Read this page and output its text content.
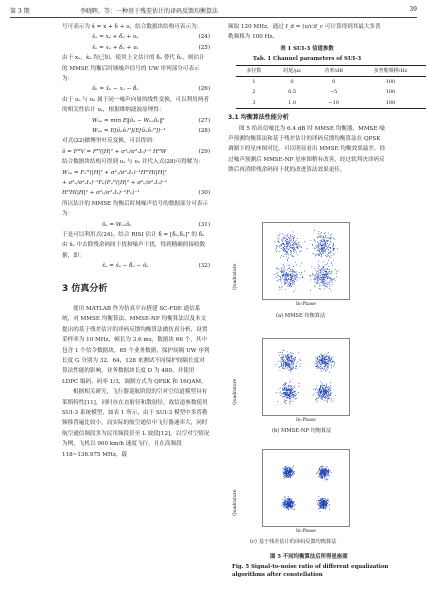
第 3 期	李晓晖，等：一种基于残差估计的译码反馈均衡算法	39

号可表示为 x̂ = x + δ + υ，结合数据块结构可表示为：

x̂ₑ = xₑ + δₑ + υₑ	(24)
x̂ᵤ = xᵤ + δᵤ + υᵤ	(25)

由于 xᵤ，x̂ᵤ 均已知，使用上文估计的 δ̂ᵤ 替代 δᵤ，则估计的 MMSE 均衡后时域噪声信号的 UW 序列部分可表示为：

ῦᵤ = x̂ᵤ − xᵤ − δ̂ᵤ	(26)

由于 υₑ 与 υᵤ 属于同一噪声向量的线性变换，可以利用两者的相关性估计 υₑ，根据维纳滤波原理得：

Wᵤₑ = min E‖ῦₑ − Wᵤₑῦᵤ‖²	(27)
Wᵤₑ = E[ῦₑῦᵤᴴ](E[ῦᵤῦᵤᴴ])⁻¹	(28)

对式(22)做傅里叶反变换，可以得到：

ῦ = FᴴV = Fᴴ(|H|² + σ²ᵥ/σ²ₓIₙ)⁻¹ HᴴW	(29)

结合数据块结构可得到 υₑ 与 υᵤ 并代入式(28)可得解为：

Wᵤₑ = Fₑᴴ(|H|² + σ²ᵥ/σ²ₓIₙ)⁻¹HᴴH(|H|²
+ σ²ᵥ/σ²ₓIₙ)⁻¹Fᵤ(Fᵤᴴ(|H|² + σ²ᵥ/σ²ₓIₙ)⁻¹
HᴴH(|H|² + σ²ᵥ/σ²ₓIₙ)⁻¹Fᵤ)⁻¹	(30)

所以估计的 MMSE 均衡后时域噪声信号的数据部分可表示为：

ῦₑ = Wᵤₑῦᵤ	(31)

于是可以利用式(24)，结合 RISI 估计 δ̂ = [δ̂ₑ,δ̂ᵤ]ᵀ 的 δ̂ₑ 由 x̂ₑ 中去除残余码间干扰和噪声干扰，得到精确的接收数据，即：

x̃ₑ = x̂ₑ − δ̂ₑ − ῦₑ	(32)

3 仿真分析

使用 MATLAB 作为仿真平台搭建 SC-FDE 通信系统，对 MMSE 均衡算法、MMSE-NP 均衡算法以及本文提出的基于残差估计的译码反馈均衡算法做仿真分析，设置采样率为 10 MHz，帧长为 3.6 ms，数据块 66 个，其中包含 1 个信令数据块，65 个业务数据，保护间隔 UW 序列长度 G 分别为 32，64，128 来测试不同保护间隔长度对算法性能的影响，业务数据块长度 D 为 480，并使用 LDPC 编码，码率 1/3，调制方式为 QPSK 和 16QAM。

根据相关研究，飞行器巡航阶段的空对空信道模型具有莱斯特性[11]，同时存在直射径和散射径，故信道参数使用 SUI-3 系统模型，如表 1 所示，由于 SUI-3 模型中多普勒频移普遍比较小，而实际的航空通信中飞行器速率大，同时航空通信频段多为民用频段甚至 L 波段[12]，以空对空情况为例，飞机以 900 km/h 速度飞行，且在高频段 118~136.975 MHz，载

频取 120 MHz，通过 f_d = (υ/c)f_c 可计算得到其最大多普勒频移为 100 Hz。

表 1 SUI-3 信道参数
Tab. 1 Channel parameters of SUI-3
多径数	时延/μs	功率/dB	多普勒频移/Hz
1	0	0	100
2	0.5	−5	100
3	1.0	−10	100

3.1 均衡算法性能分析

图 5 给出信噪比为 6.4 dB 时 MMSE 均衡器、MMSE 噪声预测均衡算法和基于残差估计的译码反馈均衡算法在 QPSK 调制下的星座图对比。可以明显看出 MMSE 均衡效果最差，经过噪声预测后 MMSE-NP 星座图稍有改善，经过软判决译码反馈后再消除残余码间干扰的改进算法效果更佳。

Quadrature
Quadrature
Quadrature
In-Phase
In-Phase
In-Phase
(a) MMSE 均衡算法
(b) MMSE-NP 均衡算法
(c) 基于残差估计的译码反馈均衡算法
图 5 不同均衡算法后所得星座图
Fig. 5 Signal-to-noise ratio of different equalization algorithms after constellation
